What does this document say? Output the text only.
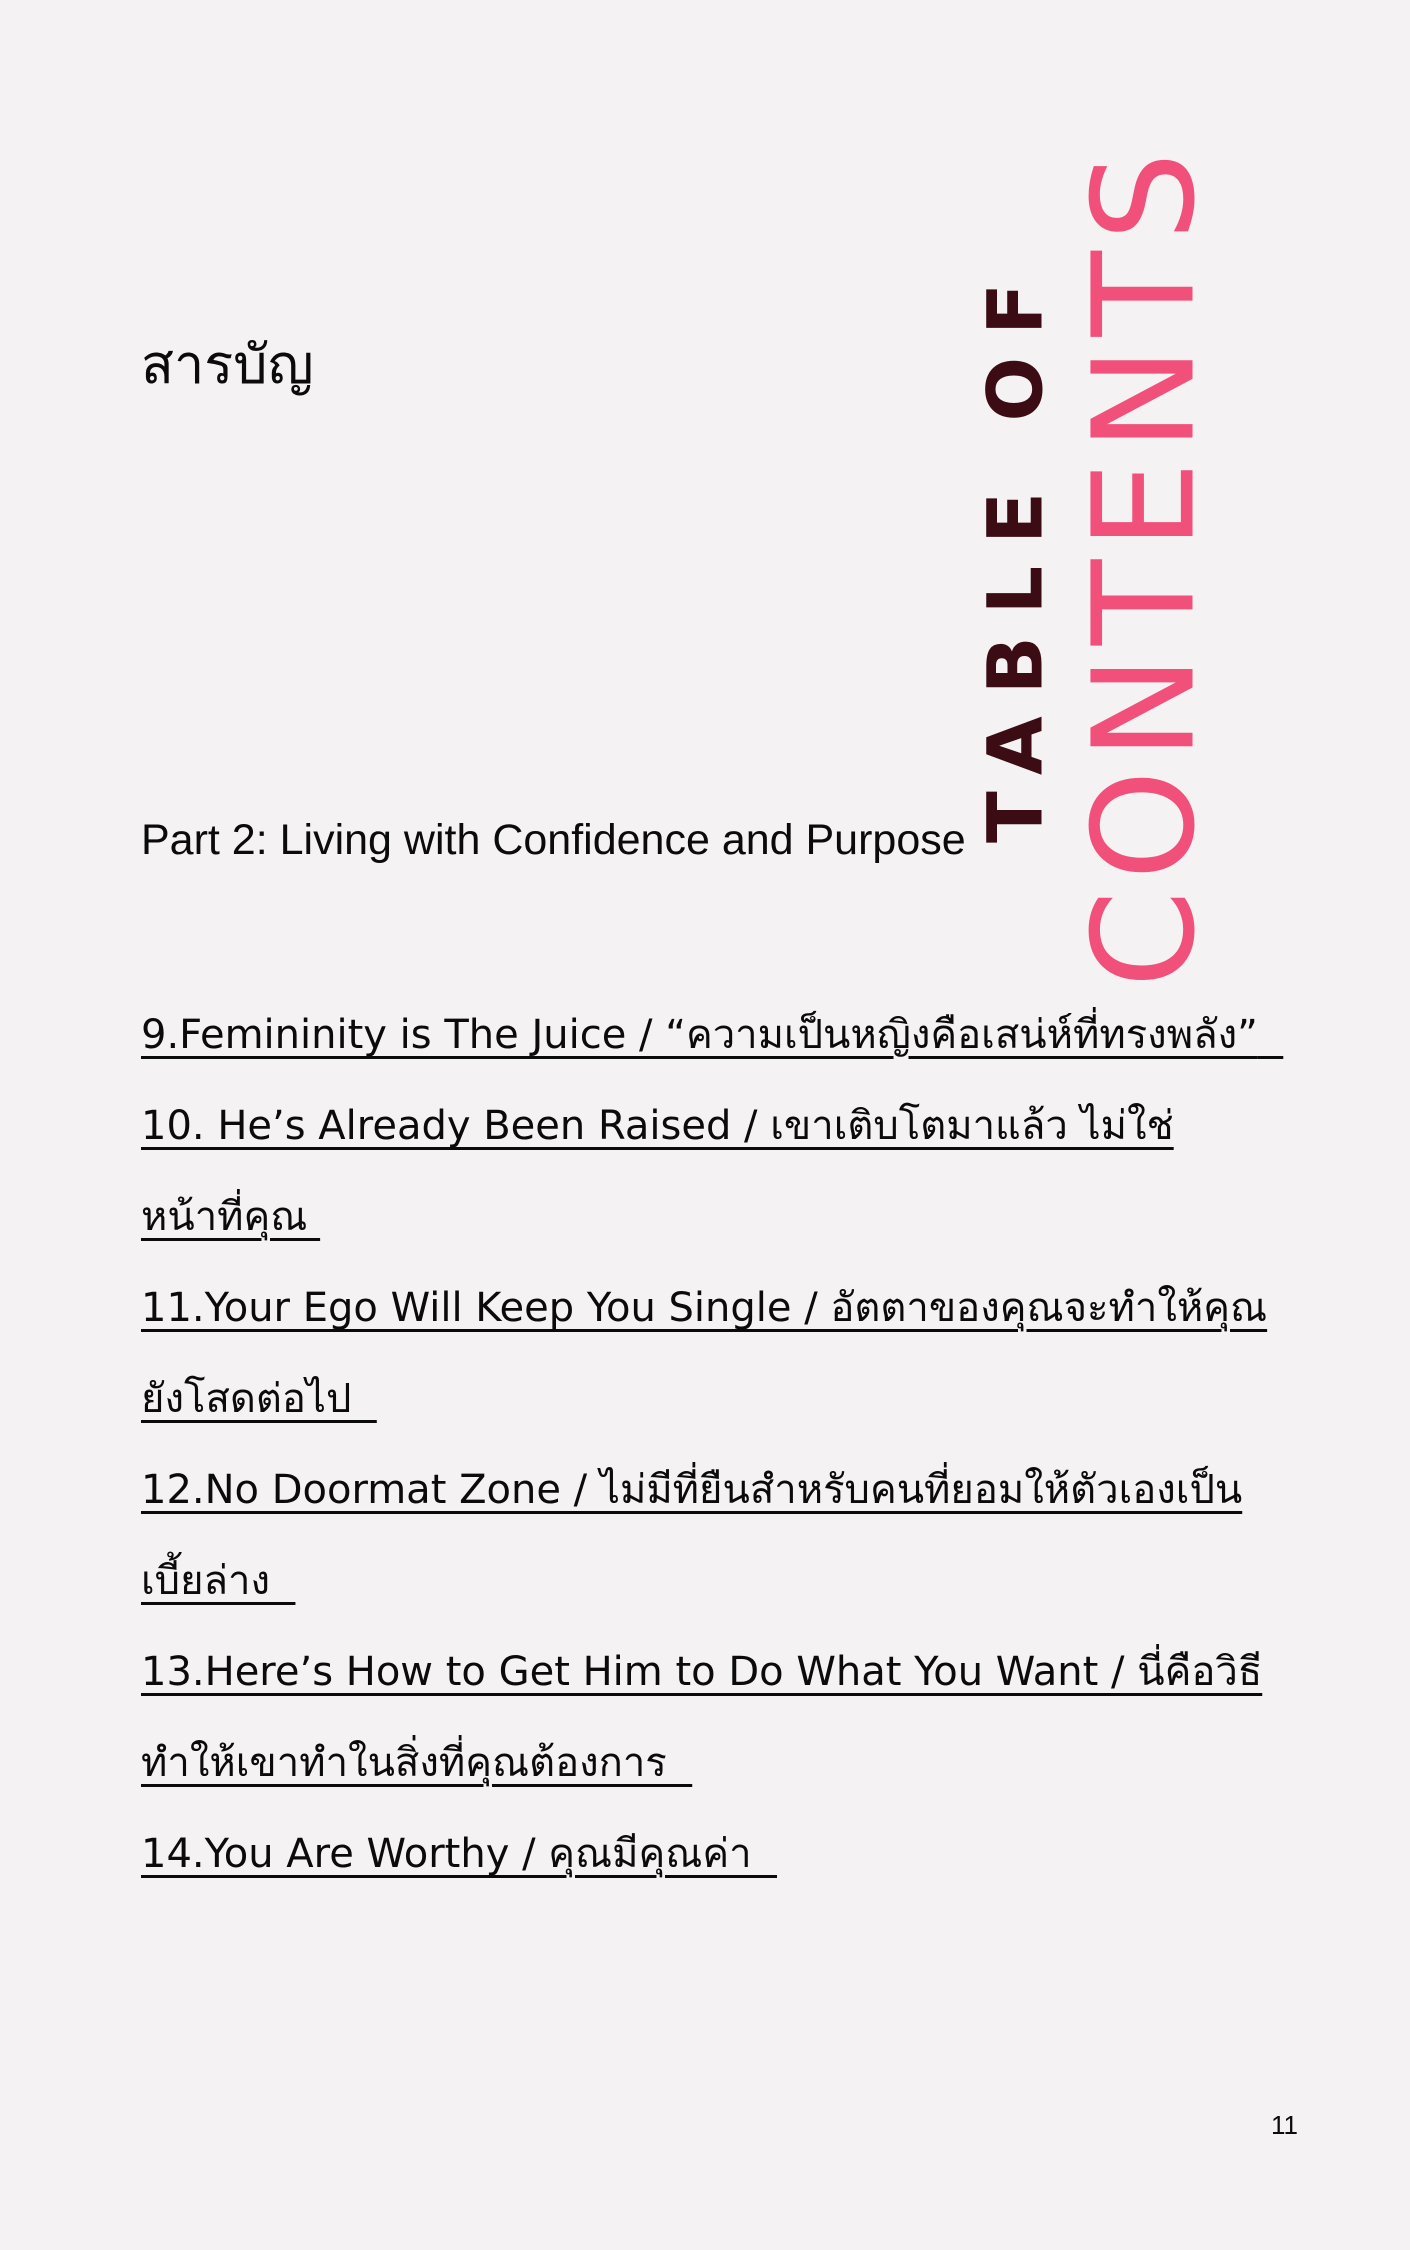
สารบัญ	TABLE OF CONTENTS
Part 2: Living with Confidence and Purpose
9.Femininity is The Juice / “ความเป็นหญิงคือเสน่ห์ที่ทรงพลัง”
10. He’s Already Been Raised / เขาเติบโตมาแล้ว ไม่ใช่หน้าที่คุณ
11.Your Ego Will Keep You Single / อัตตาของคุณจะทำให้คุณยังโสดต่อไป
12.No Doormat Zone / ไม่มีที่ยืนสำหรับคนที่ยอมให้ตัวเองเป็นเบี้ยล่าง
13.Here’s How to Get Him to Do What You Want / นี่คือวิธีทำให้เขาทำในสิ่งที่คุณต้องการ
14.You Are Worthy / คุณมีคุณค่า
11
